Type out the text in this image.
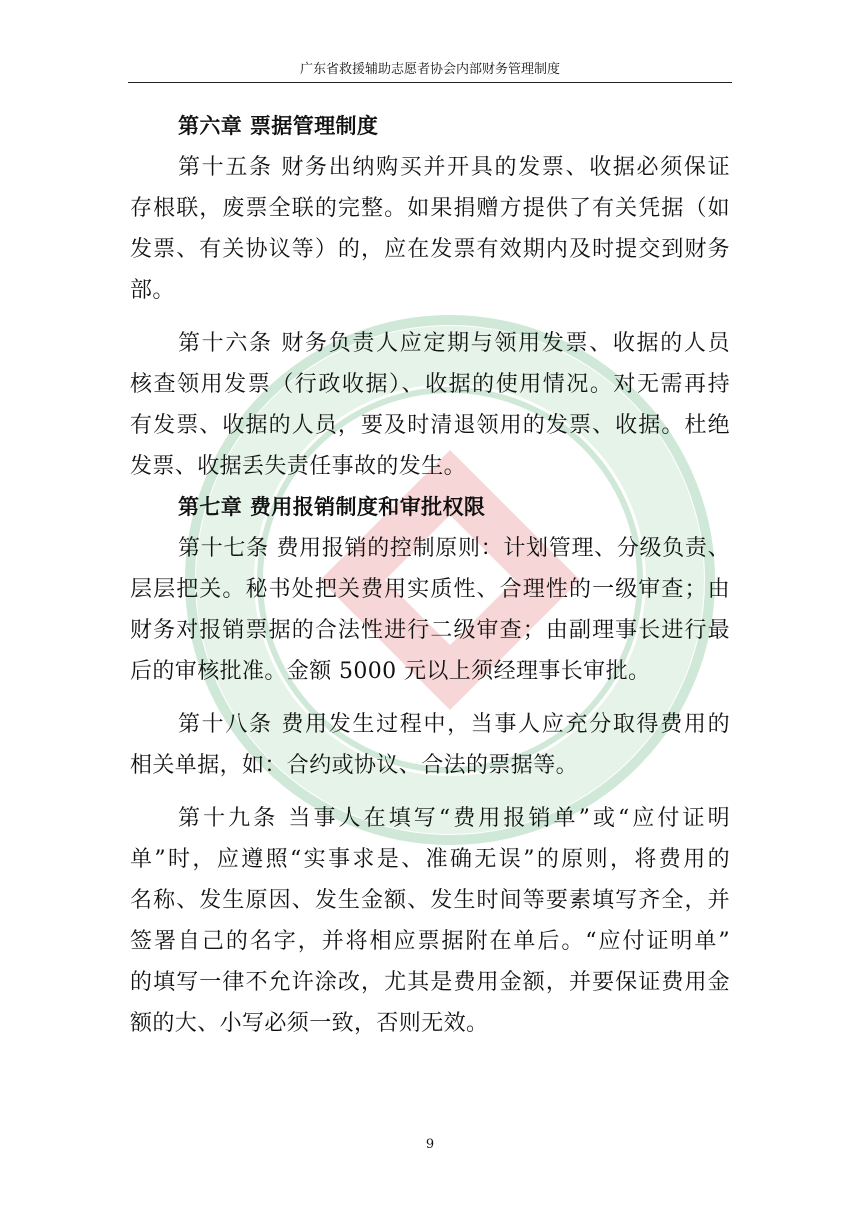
广东省救援辅助志愿者协会内部财务管理制度
第六章 票据管理制度
第十五条 财务出纳购买并开具的发票、收据必须保证
存根联，废票全联的完整。如果捐赠方提供了有关凭据（如
发票、有关协议等）的，应在发票有效期内及时提交到财务
部。
第十六条 财务负责人应定期与领用发票、收据的人员
核查领用发票（行政收据）、收据的使用情况。对无需再持
有发票、收据的人员，要及时清退领用的发票、收据。杜绝
发票、收据丢失责任事故的发生。
第七章 费用报销制度和审批权限
第十七条 费用报销的控制原则：计划管理、分级负责、
层层把关。秘书处把关费用实质性、合理性的一级审查；由
财务对报销票据的合法性进行二级审查；由副理事长进行最
后的审核批准。金额 5000 元以上须经理事长审批。
第十八条 费用发生过程中，当事人应充分取得费用的
相关单据，如：合约或协议、合法的票据等。
第十九条 当事人在填写“费用报销单”或“应付证明
单”时，应遵照“实事求是、准确无误”的原则，将费用的
名称、发生原因、发生金额、发生时间等要素填写齐全，并
签署自己的名字，并将相应票据附在单后。“应付证明单”
的填写一律不允许涂改，尤其是费用金额，并要保证费用金
额的大、小写必须一致，否则无效。
9
